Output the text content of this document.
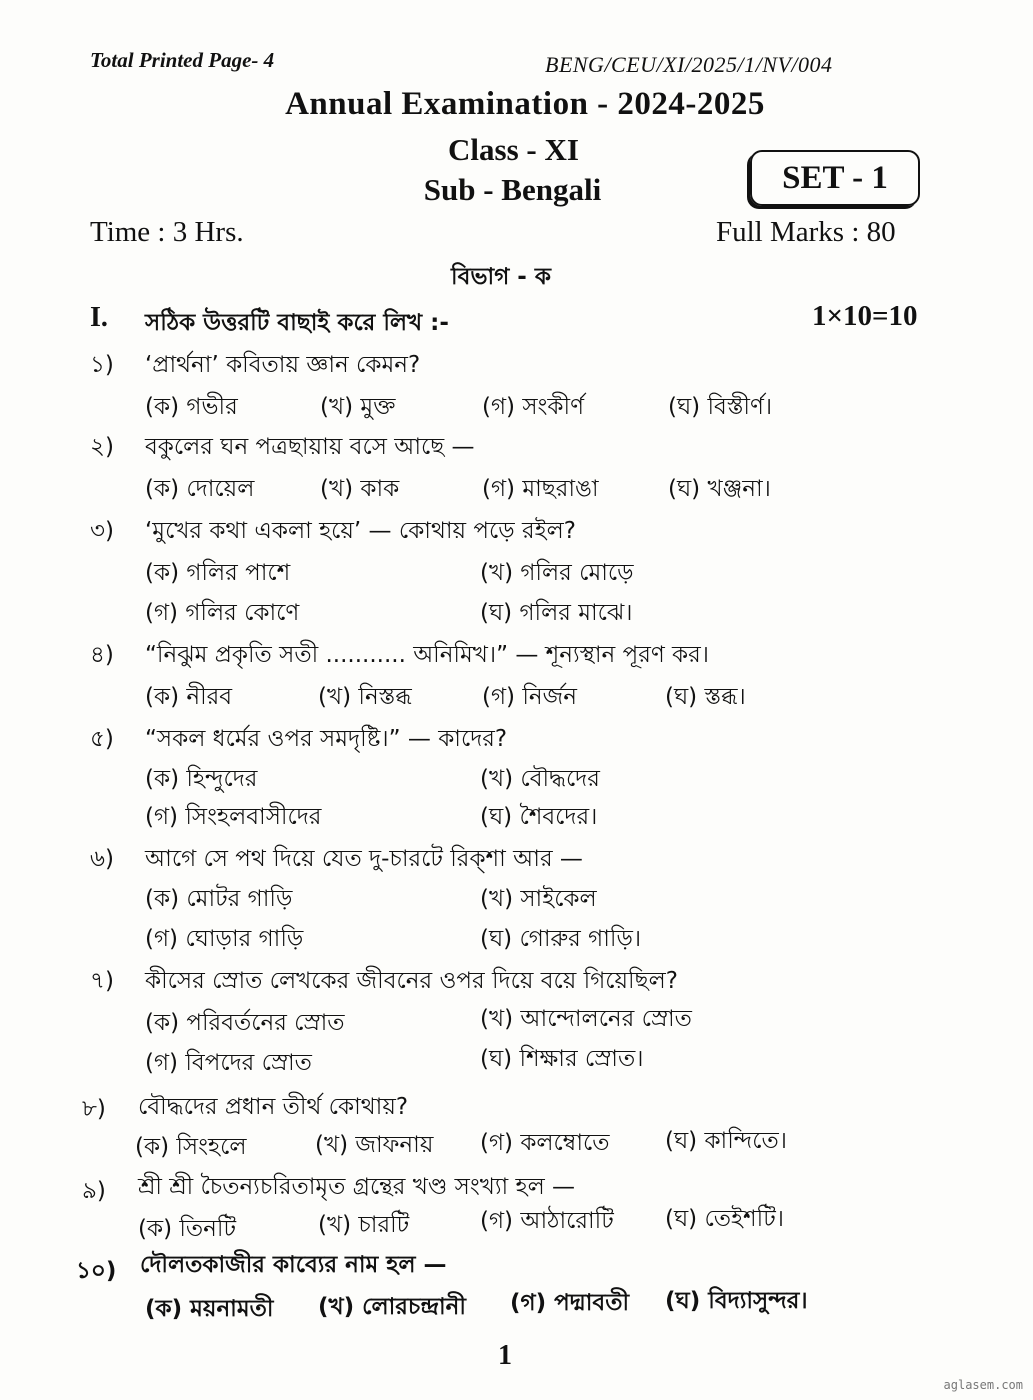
Total Printed Page- 4	BENG/CEU/XI/2025/1/NV/004
Annual Examination - 2024-2025
Class - XI
Sub - Bengali	SET - 1
Time : 3 Hrs.	Full Marks : 80
বিভাগ - ক
I. সঠিক উত্তরটি বাছাই করে লিখ :-	1×10=10
১) ‘প্রার্থনা’ কবিতায় জ্ঞান কেমন?
(ক) গভীর	(খ) মুক্ত	(গ) সংকীর্ণ	(ঘ) বিস্তীর্ণ।
২) বকুলের ঘন পত্রছায়ায় বসে আছে —
(ক) দোয়েল	(খ) কাক	(গ) মাছরাঙা	(ঘ) খঞ্জনা।
৩) ‘মুখের কথা একলা হয়ে’ — কোথায় পড়ে রইল?
(ক) গলির পাশে	(খ) গলির মোড়ে
(গ) গলির কোণে	(ঘ) গলির মাঝে।
৪) “নিঝুম প্রকৃতি সতী ........... অনিমিখ।” — শূন্যস্থান পূরণ কর।
(ক) নীরব	(খ) নিস্তব্ধ	(গ) নির্জন	(ঘ) স্তব্ধ।
৫) “সকল ধর্মের ওপর সমদৃষ্টি।” — কাদের?
(ক) হিন্দুদের	(খ) বৌদ্ধদের
(গ) সিংহলবাসীদের	(ঘ) শৈবদের।
৬) আগে সে পথ দিয়ে যেত দু-চারটে রিক্শা আর —
(ক) মোটর গাড়ি	(খ) সাইকেল
(গ) ঘোড়ার গাড়ি	(ঘ) গোরুর গাড়ি।
৭) কীসের স্রোত লেখকের জীবনের ওপর দিয়ে বয়ে গিয়েছিল?
(ক) পরিবর্তনের স্রোত	(খ) আন্দোলনের স্রোত
(গ) বিপদের স্রোত	(ঘ) শিক্ষার স্রোত।
৮) বৌদ্ধদের প্রধান তীর্থ কোথায়?
(ক) সিংহলে	(খ) জাফনায় (গ) কলম্বোতে (ঘ) কান্দিতে।
৯) শ্রী শ্রী চৈতন্যচরিতামৃত গ্রন্থের খণ্ড সংখ্যা হল —
(ক) তিনটি	(খ) চারটি	(গ) আঠারোটি (ঘ) তেইশটি।
১০) দৌলতকাজীর কাব্যের নাম হল —
(ক) ময়নামতী (খ) লোরচন্দ্রানী (গ) পদ্মাবতী (ঘ) বিদ্যাসুন্দর।
1
aglasem.com
